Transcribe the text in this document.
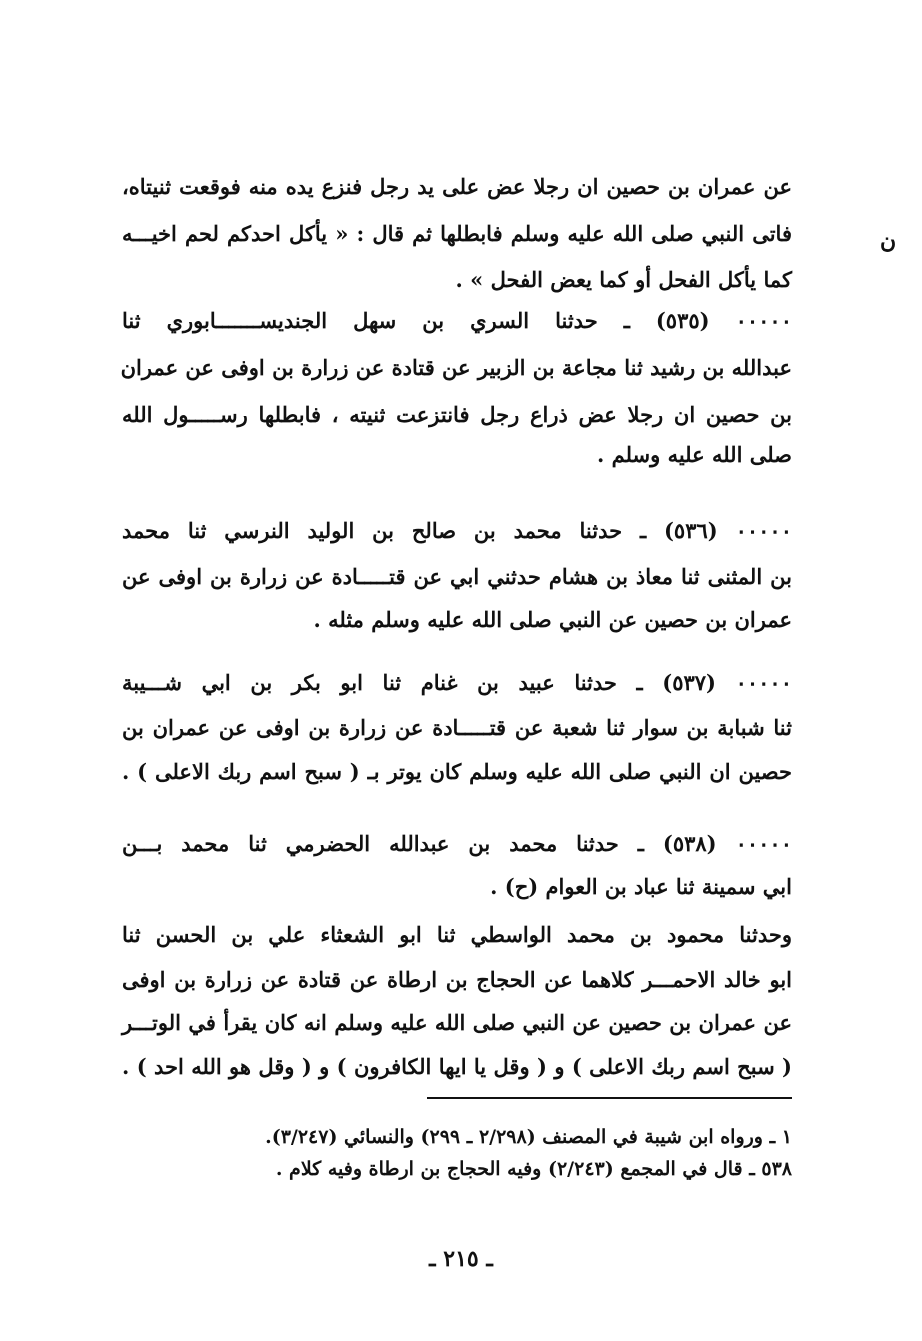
ن
عن عمران بن حصين ان رجلا عض على يد رجل فنزع يده منه فوقعت ثنيتاه،
فاتى النبي صلى الله عليه وسلم فابطلها ثم قال : « يأكل احدكم لحم اخيـــه
كما يأكل الفحل أو كما يعض الفحل » .
٠٠٠٠٠ (٥٣٥) ـ حدثنا السري بن سهل الجنديســـــــابوري ثنا
عبدالله بن رشيد ثنا مجاعة بن الزبير عن قتادة عن زرارة بن اوفى عن عمران
بن حصين ان رجلا عض ذراع رجل فانتزعت ثنيته ، فابطلها رســـــول الله
صلى الله عليه وسلم .
٠٠٠٠٠ (٥٣٦) ـ حدثنا محمد بن صالح بن الوليد النرسي ثنا محمد
بن المثنى ثنا معاذ بن هشام حدثني ابي عن قتـــــادة عن زرارة بن اوفى عن
عمران بن حصين عن النبي صلى الله عليه وسلم مثله .
٠٠٠٠٠ (٥٣٧) ـ حدثنا عبيد بن غنام ثنا ابو بكر بن ابي شـــيبة
ثنا شبابة بن سوار ثنا شعبة عن قتـــــادة عن زرارة بن اوفى عن عمران بن
حصين ان النبي صلى الله عليه وسلم كان يوتر بـ ( سبح اسم ربك الاعلى ) .
٠٠٠٠٠ (٥٣٨) ـ حدثنا محمد بن عبدالله الحضرمي ثنا محمد بـــن
ابي سمينة ثنا عباد بن العوام (ح) .
وحدثنا محمود بن محمد الواسطي ثنا ابو الشعثاء علي بن الحسن ثنا
ابو خالد الاحمـــر كلاهما عن الحجاج بن ارطاة عن قتادة عن زرارة بن اوفى
عن عمران بن حصين عن النبي صلى الله عليه وسلم انه كان يقرأ في الوتـــر
( سبح اسم ربك الاعلى ) و ( وقل يا ايها الكافرون ) و ( وقل هو الله احد ) .
١ ـ ورواه ابن شيبة في المصنف (٢/٢٩٨ ـ ٢٩٩) والنسائي (٣/٢٤٧).
٥٣٨ ـ قال في المجمع (٢/٢٤٣) وفيه الحجاج بن ارطاة وفيه كلام .
ـ ٢١٥ ـ
